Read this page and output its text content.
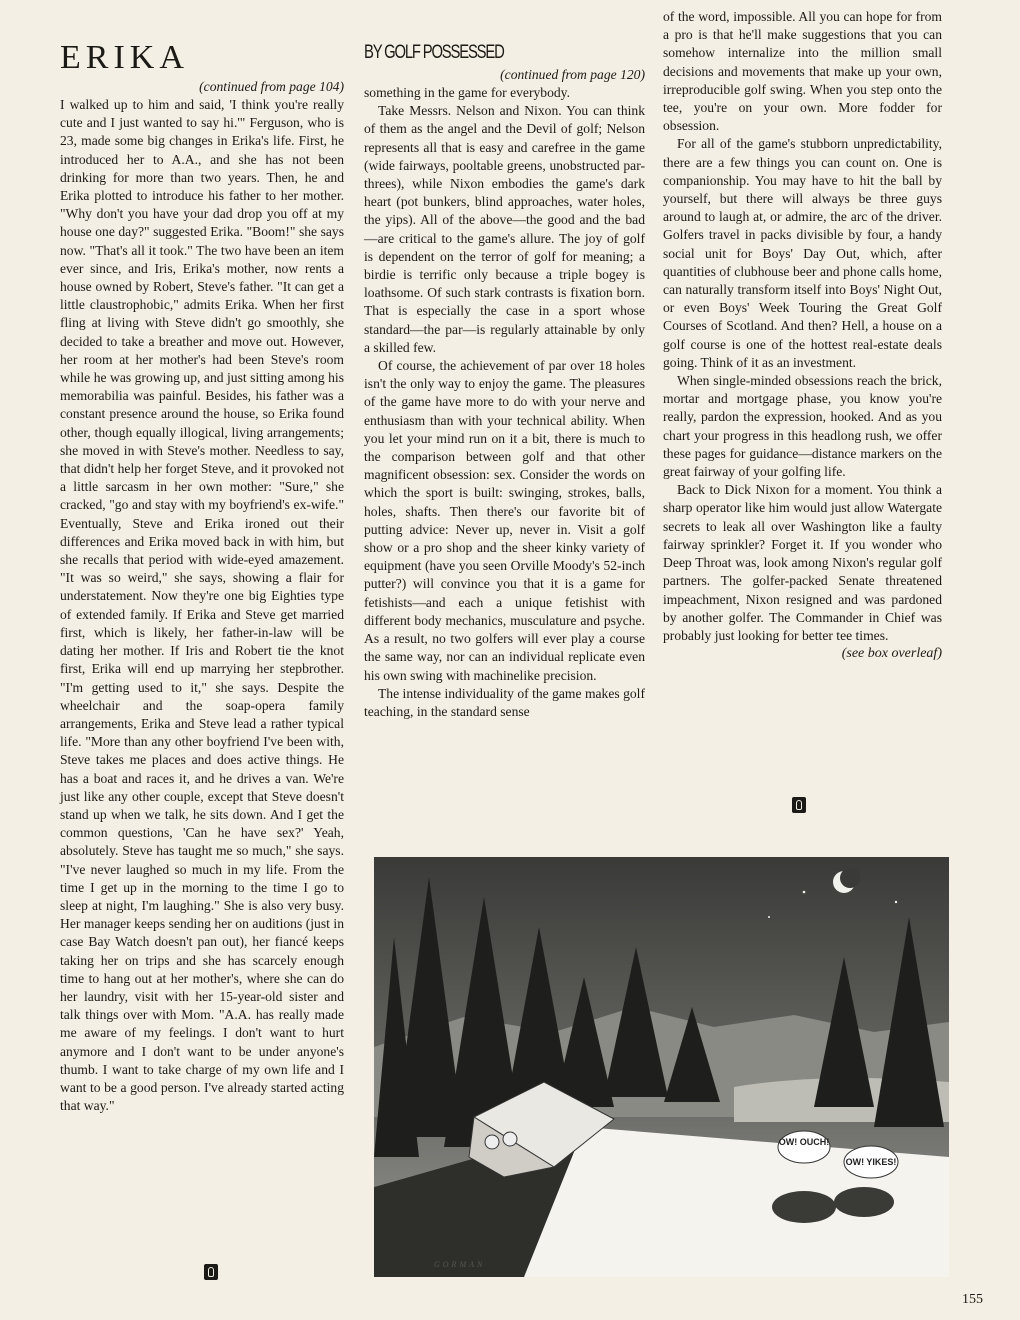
ERIKA

(continued from page 104)

I walked up to him and said, 'I think you're really cute and I just wanted to say hi.'" Ferguson, who is 23, made some big changes in Erika's life. First, he introduced her to A.A., and she has not been drinking for more than two years. Then, he and Erika plotted to introduce his father to her mother. "Why don't you have your dad drop you off at my house one day?" suggested Erika. "Boom!" she says now. "That's all it took." The two have been an item ever since, and Iris, Erika's mother, now rents a house owned by Robert, Steve's father. "It can get a little claustrophobic," admits Erika. When her first fling at living with Steve didn't go smoothly, she decided to take a breather and move out. However, her room at her mother's had been Steve's room while he was growing up, and just sitting among his memorabilia was painful. Besides, his father was a constant presence around the house, so Erika found other, though equally illogical, living arrangements; she moved in with Steve's mother. Needless to say, that didn't help her forget Steve, and it provoked not a little sarcasm in her own mother: "Sure," she cracked, "go and stay with my boyfriend's ex-wife." Eventually, Steve and Erika ironed out their differences and Erika moved back in with him, but she recalls that period with wide-eyed amazement. "It was so weird," she says, showing a flair for understatement. Now they're one big Eighties type of extended family. If Erika and Steve get married first, which is likely, her father-in-law will be dating her mother. If Iris and Robert tie the knot first, Erika will end up marrying her stepbrother. "I'm getting used to it," she says. Despite the wheelchair and the soap-opera family arrangements, Erika and Steve lead a rather typical life. "More than any other boyfriend I've been with, Steve takes me places and does active things. He has a boat and races it, and he drives a van. We're just like any other couple, except that Steve doesn't stand up when we talk, he sits down. And I get the common questions, 'Can he have sex?' Yeah, absolutely. Steve has taught me so much," she says. "I've never laughed so much in my life. From the time I get up in the morning to the time I go to sleep at night, I'm laughing." She is also very busy. Her manager keeps sending her on auditions (just in case Bay Watch doesn't pan out), her fiancé keeps taking her on trips and she has scarcely enough time to hang out at her mother's, where she can do her laundry, visit with her 15-year-old sister and talk things over with Mom. "A.A. has really made me aware of my feelings. I don't want to hurt anymore and I don't want to be under anyone's thumb. I want to take charge of my own life and I want to be a good person. I've already started acting that way."

BY GOLF POSSESSED

(continued from page 120)

something in the game for everybody.

Take Messrs. Nelson and Nixon. You can think of them as the angel and the Devil of golf; Nelson represents all that is easy and carefree in the game (wide fairways, pooltable greens, unobstructed par-threes), while Nixon embodies the game's dark heart (pot bunkers, blind approaches, water holes, the yips). All of the above—the good and the bad—are critical to the game's allure. The joy of golf is dependent on the terror of golf for meaning; a birdie is terrific only because a triple bogey is loathsome. Of such stark contrasts is fixation born. That is especially the case in a sport whose standard—the par—is regularly attainable by only a skilled few.

Of course, the achievement of par over 18 holes isn't the only way to enjoy the game. The pleasures of the game have more to do with your nerve and enthusiasm than with your technical ability. When you let your mind run on it a bit, there is much to the comparison between golf and that other magnificent obsession: sex. Consider the words on which the sport is built: swinging, strokes, balls, holes, shafts. Then there's our favorite bit of putting advice: Never up, never in. Visit a golf show or a pro shop and the sheer kinky variety of equipment (have you seen Orville Moody's 52-inch putter?) will convince you that it is a game for fetishists—and each a unique fetishist with different body mechanics, musculature and psyche. As a result, no two golfers will ever play a course the same way, nor can an individual replicate even his own swing with machinelike precision.

The intense individuality of the game makes golf teaching, in the standard sense

of the word, impossible. All you can hope for from a pro is that he'll make suggestions that you can somehow internalize into the million small decisions and movements that make up your own, irreproducible golf swing. When you step onto the tee, you're on your own. More fodder for obsession.

For all of the game's stubborn unpredictability, there are a few things you can count on. One is companionship. You may have to hit the ball by yourself, but there will always be three guys around to laugh at, or admire, the arc of the driver. Golfers travel in packs divisible by four, a handy social unit for Boys' Day Out, which, after quantities of clubhouse beer and phone calls home, can naturally transform itself into Boys' Night Out, or even Boys' Week Touring the Great Golf Courses of Scotland. And then? Hell, a house on a golf course is one of the hottest real-estate deals going. Think of it as an investment.

When single-minded obsessions reach the brick, mortar and mortgage phase, you know you're really, pardon the expression, hooked. And as you chart your progress in this headlong rush, we offer these pages for guidance—distance markers on the great fairway of your golfing life.

Back to Dick Nixon for a moment. You think a sharp operator like him would just allow Watergate secrets to leak all over Washington like a faulty fairway sprinkler? Forget it. If you wonder who Deep Throat was, look among Nixon's regular golf partners. The golfer-packed Senate threatened impeachment, Nixon resigned and was pardoned by another golfer. The Commander in Chief was probably just looking for better tee times.

(see box overleaf)

OW! OUCH!
OW! YIKES!
GORMAN
155
